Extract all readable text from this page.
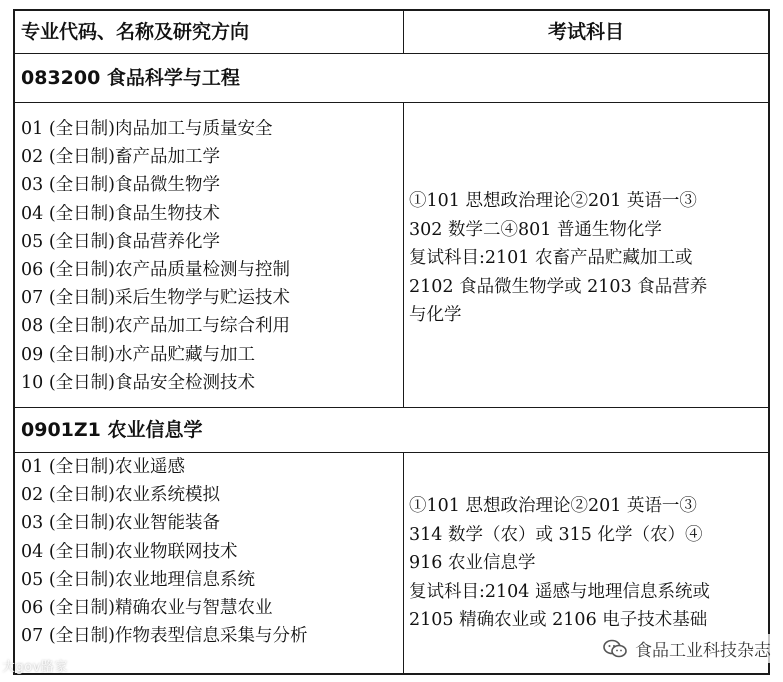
专业代码、名称及研究方向	考试科目
083200 食品科学与工程
01 (全日制)肉品加工与质量安全
02 (全日制)畜产品加工学
03 (全日制)食品微生物学
04 (全日制)食品生物技术
05 (全日制)食品营养化学
06 (全日制)农产品质量检测与控制
07 (全日制)采后生物学与贮运技术
08 (全日制)农产品加工与综合利用
09 (全日制)水产品贮藏与加工
10 (全日制)食品安全检测技术

①101 思想政治理论②201 英语一③

302 数学二④801 普通生物化学

复试科目:2101 农畜产品贮藏加工或

2102 食品微生物学或 2103 食品营养

与化学

0901Z1 农业信息学
01 (全日制)农业遥感
02 (全日制)农业系统模拟
03 (全日制)农业智能装备
04 (全日制)农业物联网技术
05 (全日制)农业地理信息系统
06 (全日制)精确农业与智慧农业
07 (全日制)作物表型信息采集与分析

①101 思想政治理论②201 英语一③

314 数学（农）或 315 化学（农）④

916 农业信息学

复试科目:2104 遥感与地理信息系统或

2105 精确农业或 2106 电子技术基础

大gov路家
食品工业科技杂志
